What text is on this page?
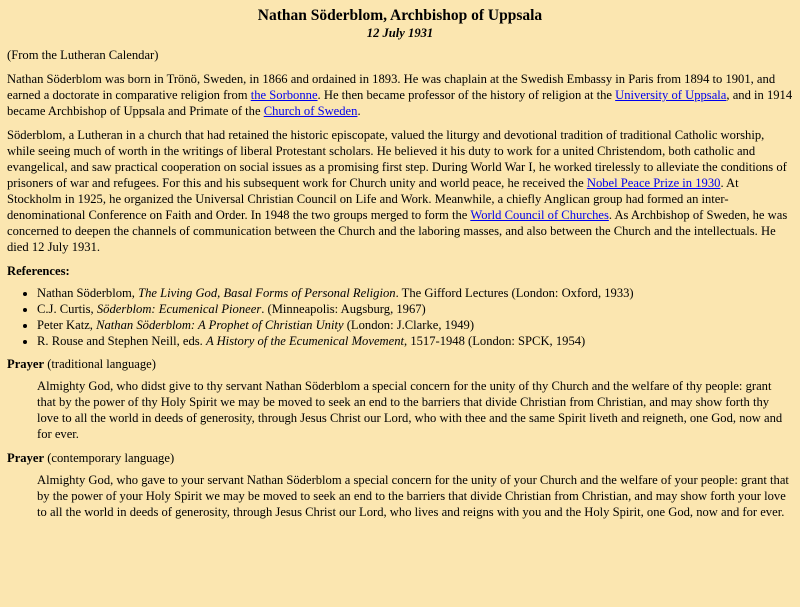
Nathan Söderblom, Archbishop of Uppsala
12 July 1931

(From the Lutheran Calendar)

Nathan Söderblom was born in Trönö, Sweden, in 1866 and ordained in 1893. He was chaplain at the Swedish Embassy in Paris from 1894 to 1901, and earned a doctorate in comparative religion from the Sorbonne. He then became professor of the history of religion at the University of Uppsala, and in 1914 became Archbishop of Uppsala and Primate of the Church of Sweden.

Söderblom, a Lutheran in a church that had retained the historic episcopate, valued the liturgy and devotional tradition of traditional Catholic worship, while seeing much of worth in the writings of liberal Protestant scholars. He believed it his duty to work for a united Christendom, both catholic and evangelical, and saw practical cooperation on social issues as a promising first step. During World War I, he worked tirelessly to alleviate the conditions of prisoners of war and refugees. For this and his subsequent work for Church unity and world peace, he received the Nobel Peace Prize in 1930. At Stockholm in 1925, he organized the Universal Christian Council on Life and Work. Meanwhile, a chiefly Anglican group had formed an inter-denominational Conference on Faith and Order. In 1948 the two groups merged to form the World Council of Churches. As Archbishop of Sweden, he was concerned to deepen the channels of communication between the Church and the laboring masses, and also between the Church and the intellectuals. He died 12 July 1931.

References:
• Nathan Söderblom, The Living God, Basal Forms of Personal Religion. The Gifford Lectures (London: Oxford, 1933)
• C.J. Curtis, Söderblom: Ecumenical Pioneer. (Minneapolis: Augsburg, 1967)
• Peter Katz, Nathan Söderblom: A Prophet of Christian Unity (London: J.Clarke, 1949)
• R. Rouse and Stephen Neill, eds. A History of the Ecumenical Movement, 1517-1948 (London: SPCK, 1954)
Prayer (traditional language)
Almighty God, who didst give to thy servant Nathan Söderblom a special concern for the unity of thy Church and the welfare of thy people: grant that by the power of thy Holy Spirit we may be moved to seek an end to the barriers that divide Christian from Christian, and may show forth thy love to all the world in deeds of generosity, through Jesus Christ our Lord, who with thee and the same Spirit liveth and reigneth, one God, now and for ever.
Prayer (contemporary language)
Almighty God, who gave to your servant Nathan Söderblom a special concern for the unity of your Church and the welfare of your people: grant that by the power of your Holy Spirit we may be moved to seek an end to the barriers that divide Christian from Christian, and may show forth your love to all the world in deeds of generosity, through Jesus Christ our Lord, who lives and reigns with you and the Holy Spirit, one God, now and for ever.
